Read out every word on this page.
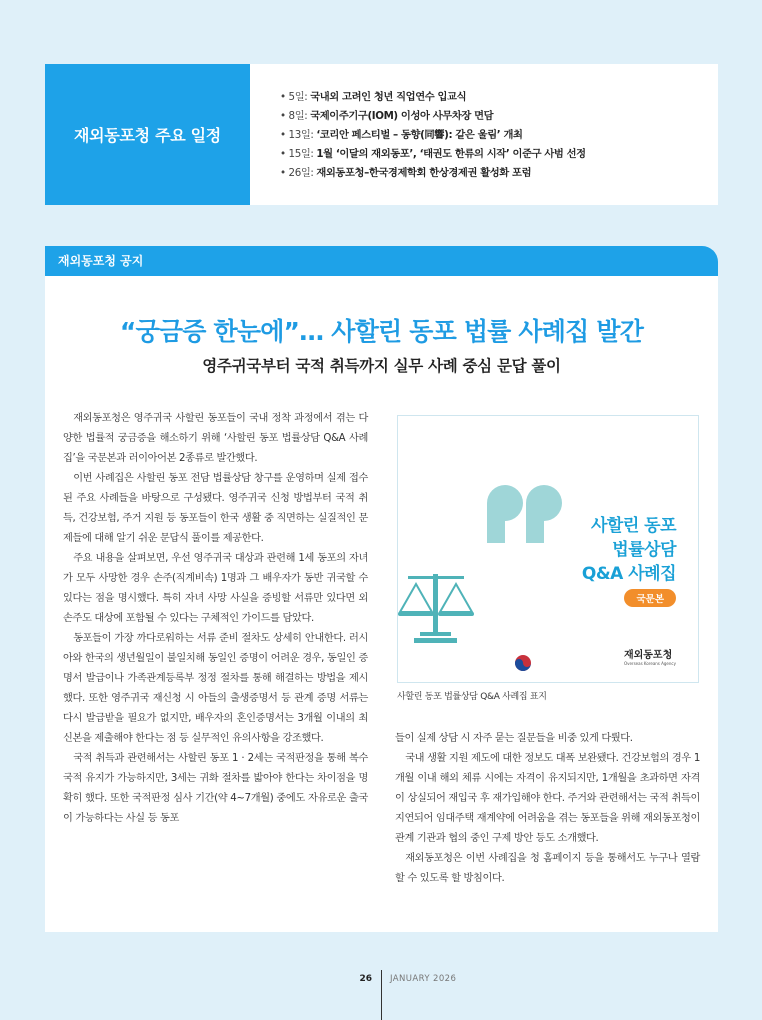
재외동포청 주요 일정
• 5일: 국내외 고려인 청년 직업연수 입교식
• 8일: 국제이주기구(IOM) 이성아 사무차장 면담
• 13일: ‘코리안 페스티벌 – 동향(同響): 같은 울림’ 개최
• 15일: 1월 ‘이달의 재외동포’, ‘태권도 한류의 시작’ 이준구 사범 선정
• 26일: 재외동포청–한국경제학회 한상경제권 활성화 포럼
재외동포청 공지
“궁금증 한눈에”… 사할린 동포 법률 사례집 발간
영주귀국부터 국적 취득까지 실무 사례 중심 문답 풀이

재외동포청은 영주귀국 사할린 동포들이 국내 정착 과정에서 겪는 다양한 법률적 궁금증을 해소하기 위해 ‘사할린 동포 법률상담 Q&A 사례집’을 국문본과 러이아어본 2종류로 발간했다.

이번 사례집은 사할린 동포 전담 법률상담 창구를 운영하며 실제 접수된 주요 사례들을 바탕으로 구성됐다. 영주귀국 신청 방법부터 국적 취득, 건강보험, 주거 지원 등 동포들이 한국 생활 중 직면하는 실질적인 문제들에 대해 알기 쉬운 문답식 풀이를 제공한다.

주요 내용을 살펴보면, 우선 영주귀국 대상과 관련해 1세 동포의 자녀가 모두 사망한 경우 손주(직계비속) 1명과 그 배우자가 동반 귀국할 수 있다는 점을 명시했다. 특히 자녀 사망 사실을 증빙할 서류만 있다면 외손주도 대상에 포함될 수 있다는 구체적인 가이드를 담았다.

동포들이 가장 까다로워하는 서류 준비 절차도 상세히 안내한다. 러시아와 한국의 생년월일이 불일치해 동일인 증명이 어려운 경우, 동일인 증명서 발급이나 가족관계등록부 정정 절차를 통해 해결하는 방법을 제시했다. 또한 영주귀국 재신청 시 아들의 출생증명서 등 관계 증명 서류는 다시 발급받을 필요가 없지만, 배우자의 혼인증명서는 3개월 이내의 최신본을 제출해야 한다는 점 등 실무적인 유의사항을 강조했다.

국적 취득과 관련해서는 사할린 동포 1 · 2세는 국적판정을 통해 복수국적 유지가 가능하지만, 3세는 귀화 절차를 밟아야 한다는 차이점을 명확히 했다. 또한 국적판정 심사 기간(약 4~7개월) 중에도 자유로운 출국이 가능하다는 사실 등 동포

사할린 동포
법률상담
Q&A 사례집
국문본
재외동포청
Overseas Koreans Agency
사할린 동포 법률상담 Q&A 사례집 표지

들이 실제 상담 시 자주 묻는 질문들을 비중 있게 다뤘다.

국내 생활 지원 제도에 대한 정보도 대폭 보완됐다. 건강보험의 경우 1개월 이내 해외 체류 시에는 자격이 유지되지만, 1개월을 초과하면 자격이 상실되어 재입국 후 재가입해야 한다. 주거와 관련해서는 국적 취득이 지연되어 임대주택 재계약에 어려움을 겪는 동포들을 위해 재외동포청이 관계 기관과 협의 중인 구제 방안 등도 소개했다.

재외동포청은 이번 사례집을 청 홈페이지 등을 통해서도 누구나 열람할 수 있도록 할 방침이다.

26 JANUARY 2026
